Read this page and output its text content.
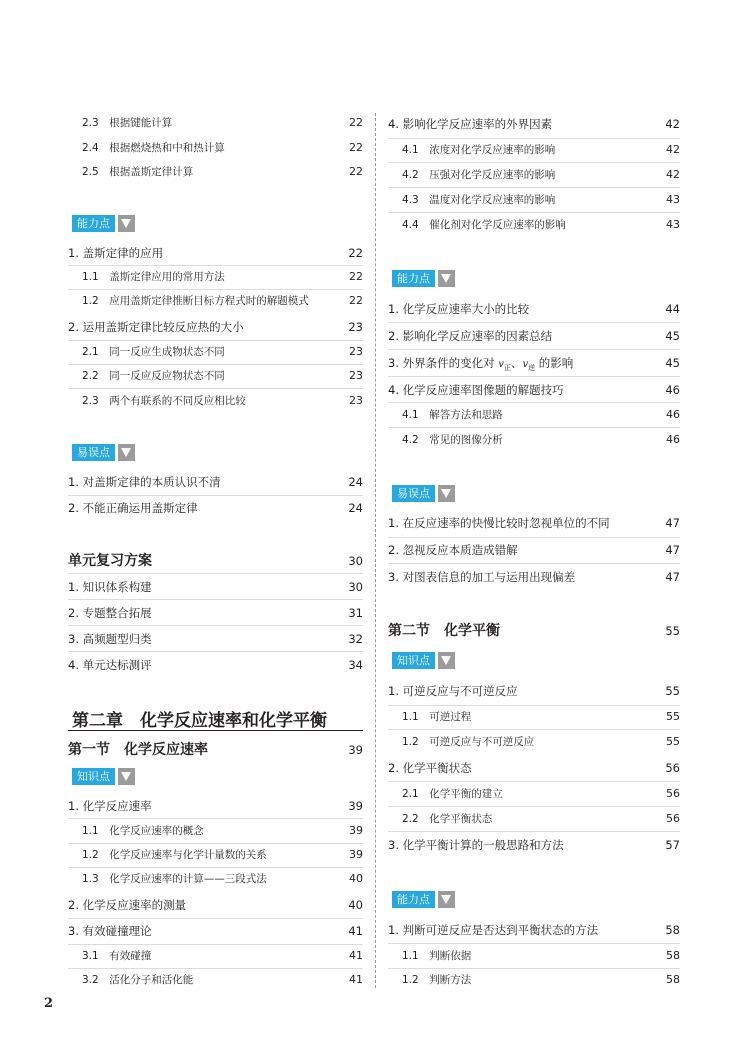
2.3　 根据键能计算	22
2.4　 根据燃烧热和中和热计算	22
2.5　 根据盖斯定律计算	22
能力点
1. 盖斯定律的应用	22
1.1　 盖斯定律应用的常用方法	22
1.2　 应用盖斯定律推断目标方程式时的解题模式	22
2. 运用盖斯定律比较反应热的大小	23
2.1　 同一反应生成物状态不同	23
2.2　 同一反应反应物状态不同	23
2.3　 两个有联系的不同反应相比较	23
易误点
1. 对盖斯定律的本质认识不清	24
2. 不能正确运用盖斯定律	24
单元复习方案	30
1. 知识体系构建	30
2. 专题整合拓展	31
3. 高频题型归类	32
4. 单元达标测评	34
第二章　化学反应速率和化学平衡
第一节　化学反应速率	39
知识点
1. 化学反应速率	39
1.1　 化学反应速率的概念	39
1.2　 化学反应速率与化学计量数的关系	39
1.3　 化学反应速率的计算——三段式法	40
2. 化学反应速率的测量	40
3. 有效碰撞理论	41
3.1　 有效碰撞	41
3.2　 活化分子和活化能	41
4. 影响化学反应速率的外界因素	42
4.1　 浓度对化学反应速率的影响	42
4.2　 压强对化学反应速率的影响	42
4.3　 温度对化学反应速率的影响	43
4.4　 催化剂对化学反应速率的影响	43
能力点
1. 化学反应速率大小的比较	44
2. 影响化学反应速率的因素总结	45
3. 外界条件的变化对 $v_正$、$v_逆$ 的影响	45
4. 化学反应速率图像题的解题技巧	46
4.1　 解答方法和思路	46
4.2　 常见的图像分析	46
易误点
1. 在反应速率的快慢比较时忽视单位的不同	47
2. 忽视反应本质造成错解	47
3. 对图表信息的加工与运用出现偏差	47
第二节　化学平衡	55
知识点
1. 可逆反应与不可逆反应	55
1.1　 可逆过程	55
1.2　 可逆反应与不可逆反应	55
2. 化学平衡状态	56
2.1　 化学平衡的建立	56
2.2　 化学平衡状态	56
3. 化学平衡计算的一般思路和方法	57
能力点
1. 判断可逆反应是否达到平衡状态的方法	58
1.1　 判断依据	58
1.2　 判断方法	58
2
